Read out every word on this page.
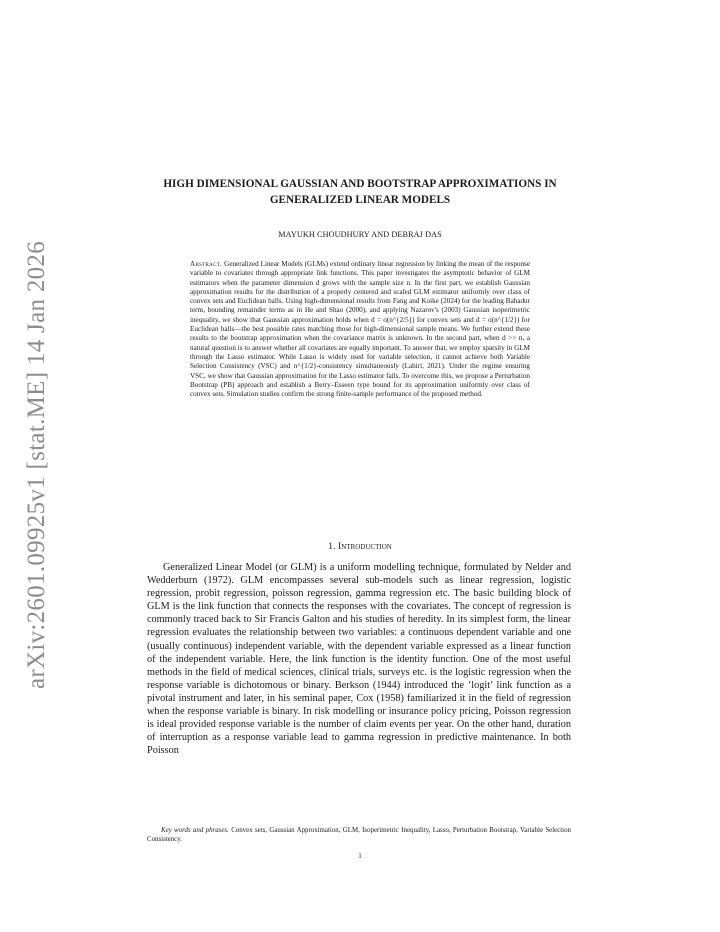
arXiv:2601.09925v1 [stat.ME] 14 Jan 2026
HIGH DIMENSIONAL GAUSSIAN AND BOOTSTRAP APPROXIMATIONS IN
GENERALIZED LINEAR MODELS
MAYUKH CHOUDHURY AND DEBRAJ DAS
Abstract. Generalized Linear Models (GLMs) extend ordinary linear regression by linking the mean of the response variable to covariates through appropriate link functions. This paper investigates the asymptotic behavior of GLM estimators when the parameter dimension d grows with the sample size n. In the first part, we establish Gaussian approximation results for the distribution of a properly centered and scaled GLM estimator uniformly over class of convex sets and Euclidean balls. Using high-dimensional results from Fang and Koike (2024) for the leading Bahadur term, bounding remainder terms as in He and Shao (2000), and applying Nazarov's (2003) Gaussian isoperimetric inequality, we show that Gaussian approximation holds when d = o(n^{2/5}) for convex sets and d = o(n^{1/2}) for Euclidean balls—the best possible rates matching those for high-dimensional sample means. We further extend these results to the bootstrap approximation when the covariance matrix is unknown. In the second part, when d >> n, a natural question is to answer whether all covariates are equally important. To answer that, we employ sparsity in GLM through the Lasso estimator. While Lasso is widely used for variable selection, it cannot achieve both Variable Selection Consistency (VSC) and n^{1/2}-consistency simultaneously (Lahiri, 2021). Under the regime ensuring VSC, we show that Gaussian approximation for the Lasso estimator fails. To overcome this, we propose a Perturbation Bootstrap (PB) approach and establish a Berry–Esseen type bound for its approximation uniformly over class of convex sets. Simulation studies confirm the strong finite-sample performance of the proposed method.
1. Introduction
Generalized Linear Model (or GLM) is a uniform modelling technique, formulated by Nelder and Wedderburn (1972). GLM encompasses several sub-models such as linear regression, logistic regression, probit regression, poisson regression, gamma regression etc. The basic building block of GLM is the link function that connects the responses with the covariates. The concept of regression is commonly traced back to Sir Francis Galton and his studies of heredity. In its simplest form, the linear regression evaluates the relationship between two variables: a continuous dependent variable and one (usually continuous) independent variable, with the dependent variable expressed as a linear function of the independent variable. Here, the link function is the identity function. One of the most useful methods in the field of medical sciences, clinical trials, surveys etc. is the logistic regression when the response variable is dichotomous or binary. Berkson (1944) introduced the ‘logit’ link function as a pivotal instrument and later, in his seminal paper, Cox (1958) familiarized it in the field of regression when the response variable is binary. In risk modelling or insurance policy pricing, Poisson regression is ideal provided response variable is the number of claim events per year. On the other hand, duration of interruption as a response variable lead to gamma regression in predictive maintenance. In both Poisson
Key words and phrases. Convex sets, Gaussian Approximation, GLM, Isoperimetric Inequality, Lasso, Perturbation Bootstrap, Variable Selection Consistency.
1
